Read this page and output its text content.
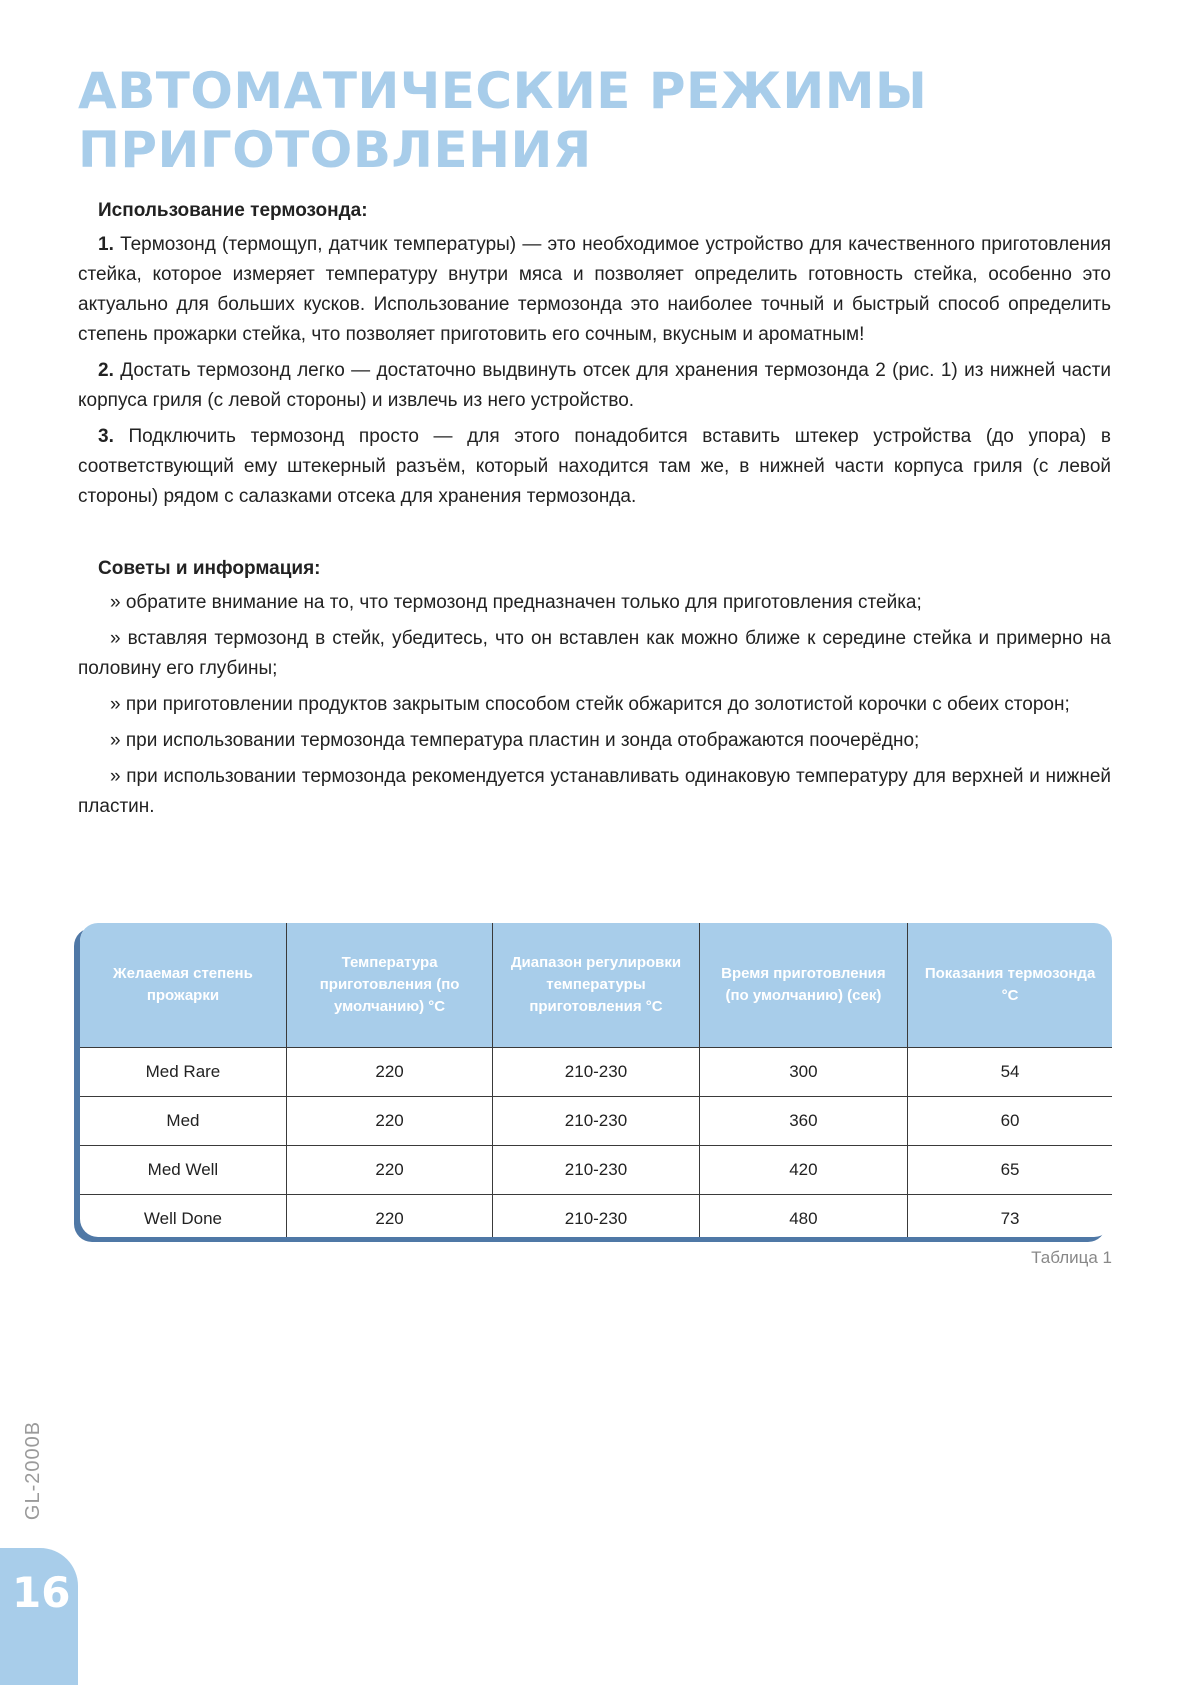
АВТОМАТИЧЕСКИЕ РЕЖИМЫ
ПРИГОТОВЛЕНИЯ
Использование термозонда:

1. Термозонд (термощуп, датчик температуры) — это необходимое устройство для качественного приготовления стейка, которое измеряет температуру внутри мяса и позволяет определить готовность стейка, особенно это актуально для больших кусков. Использование термозонда это наиболее точный и быстрый способ определить степень прожарки стейка, что позволяет приготовить его сочным, вкусным и ароматным!

2. Достать термозонд легко — достаточно выдвинуть отсек для хранения термозонда 2 (рис. 1) из нижней части корпуса гриля (с левой стороны) и извлечь из него устройство.

3. Подключить термозонд просто — для этого понадобится вставить штекер устройства (до упора) в соответствующий ему штекерный разъём, который находится там же, в нижней части корпуса гриля (с левой стороны) рядом с салазками отсека для хранения термозонда.

Советы и информация:

» обратите внимание на то, что термозонд предназначен только для приготовления стейка;

» вставляя термозонд в стейк, убедитесь, что он вставлен как можно ближе к середине стейка и примерно на половину его глубины;

» при приготовлении продуктов закрытым способом стейк обжарится до золотистой корочки с обеих сторон;

» при использовании термозонда температура пластин и зонда отображаются поочерёдно;

» при использовании термозонда рекомендуется устанавливать одинаковую температуру для верхней и нижней пластин.

Желаемая степень прожарки	Температура приготовления (по умолчанию) °С	Диапазон регулировки температуры приготовления °С	Время приготовления (по умолчанию) (сек)	Показания термозонда °С
Med Rare	220	210-230	300	54
Med	220	210-230	360	60
Med Well	220	210-230	420	65
Well Done	220	210-230	480	73
Таблица 1
GL-2000B
16
